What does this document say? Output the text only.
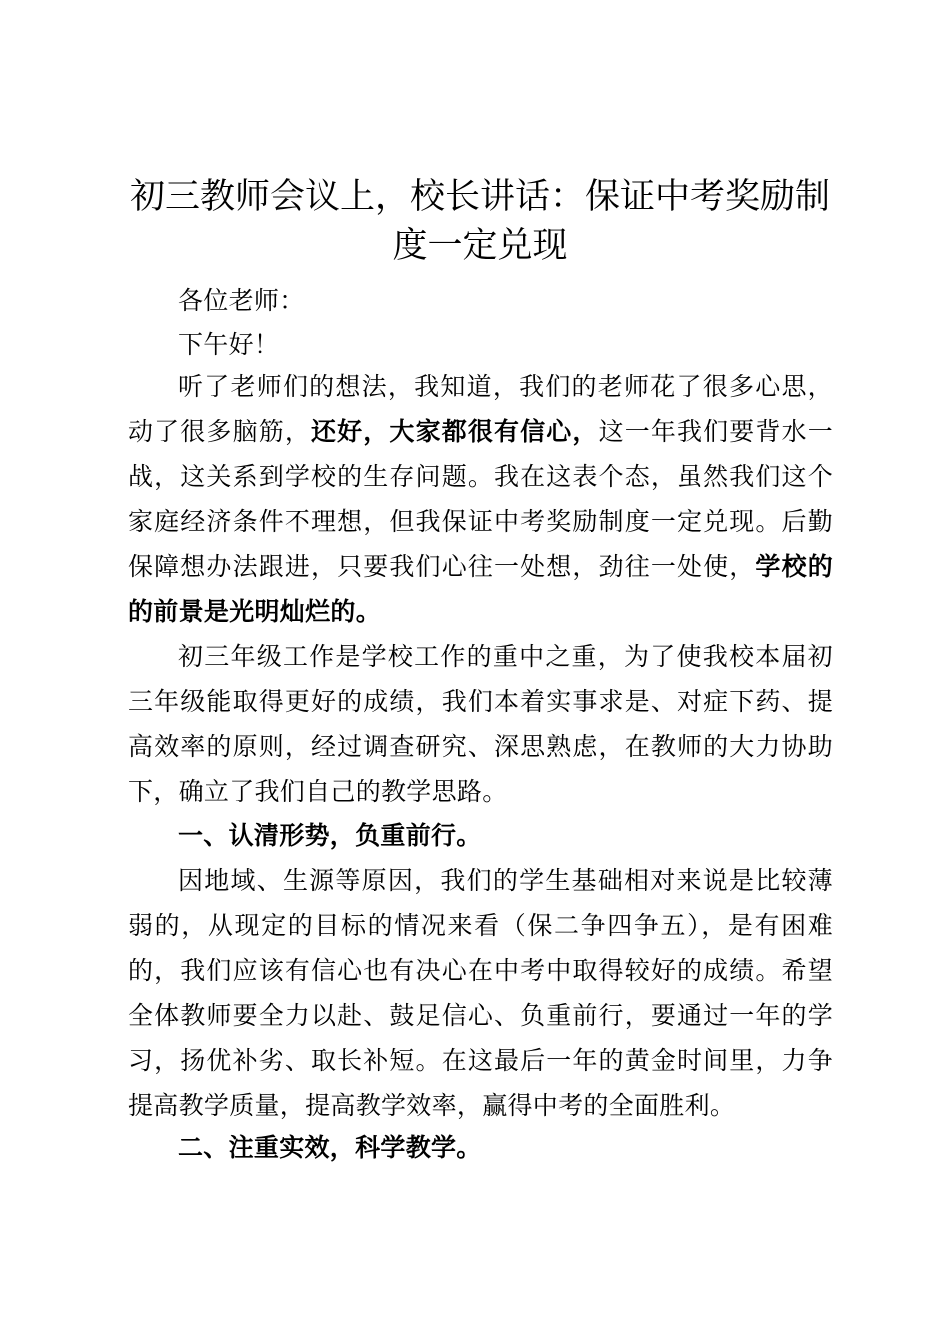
初三教师会议上，校长讲话：保证中考奖励制
度一定兑现

各位老师：

下午好！

听了老师们的想法，我知道，我们的老师花了很多心思，动了很多脑筋，还好，大家都很有信心，这一年我们要背水一战，这关系到学校的生存问题。我在这表个态，虽然我们这个家庭经济条件不理想，但我保证中考奖励制度一定兑现。后勤保障想办法跟进，只要我们心往一处想，劲往一处使，学校的的前景是光明灿烂的。

初三年级工作是学校工作的重中之重，为了使我校本届初三年级能取得更好的成绩，我们本着实事求是、对症下药、提高效率的原则，经过调查研究、深思熟虑，在教师的大力协助下，确立了我们自己的教学思路。

一、认清形势，负重前行。

因地域、生源等原因，我们的学生基础相对来说是比较薄弱的，从现定的目标的情况来看（保二争四争五），是有困难的，我们应该有信心也有决心在中考中取得较好的成绩。希望全体教师要全力以赴、鼓足信心、负重前行，要通过一年的学习，扬优补劣、取长补短。在这最后一年的黄金时间里，力争提高教学质量，提高教学效率，赢得中考的全面胜利。

二、注重实效，科学教学。
